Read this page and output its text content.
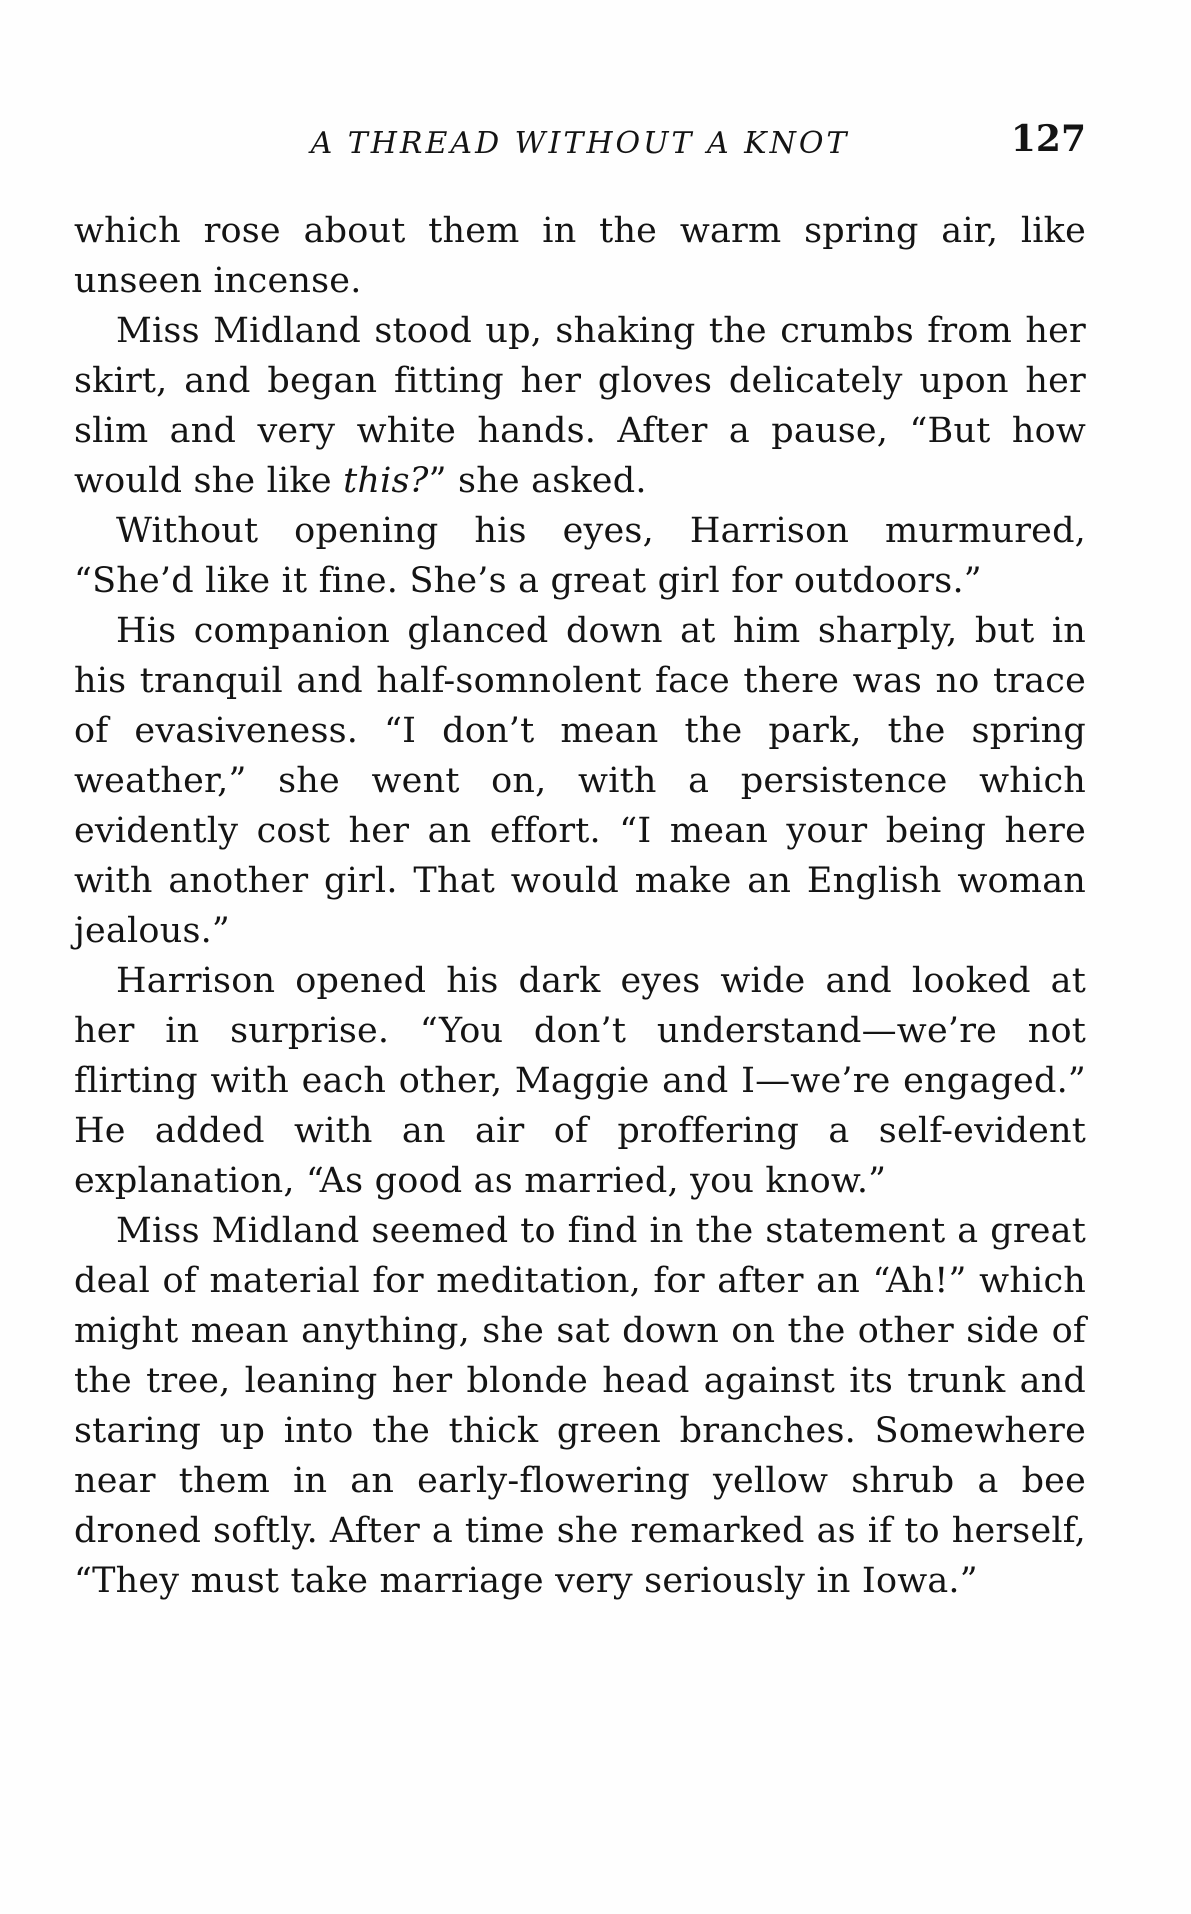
A THREAD WITHOUT A KNOT	127

which rose about them in the warm spring air, like unseen incense.

Miss Midland stood up, shaking the crumbs from her skirt, and began fitting her gloves delicately upon her slim and very white hands. After a pause, “But how would she like this?” she asked.

Without opening his eyes, Harrison murmured, “She’d like it fine. She’s a great girl for outdoors.”

His companion glanced down at him sharply, but in his tranquil and half-somnolent face there was no trace of evasiveness. “I don’t mean the park, the spring weather,” she went on, with a persistence which evidently cost her an effort. “I mean your being here with another girl. That would make an English woman jealous.”

Harrison opened his dark eyes wide and looked at her in surprise. “You don’t understand—we’re not flirting with each other, Maggie and I—we’re engaged.” He added with an air of proffering a self-evident explanation, “As good as married, you know.”

Miss Midland seemed to find in the statement a great deal of material for meditation, for after an “Ah!” which might mean anything, she sat down on the other side of the tree, leaning her blonde head against its trunk and staring up into the thick green branches. Somewhere near them in an early-flowering yellow shrub a bee droned softly. After a time she remarked as if to herself, “They must take marriage very seriously in Iowa.”
